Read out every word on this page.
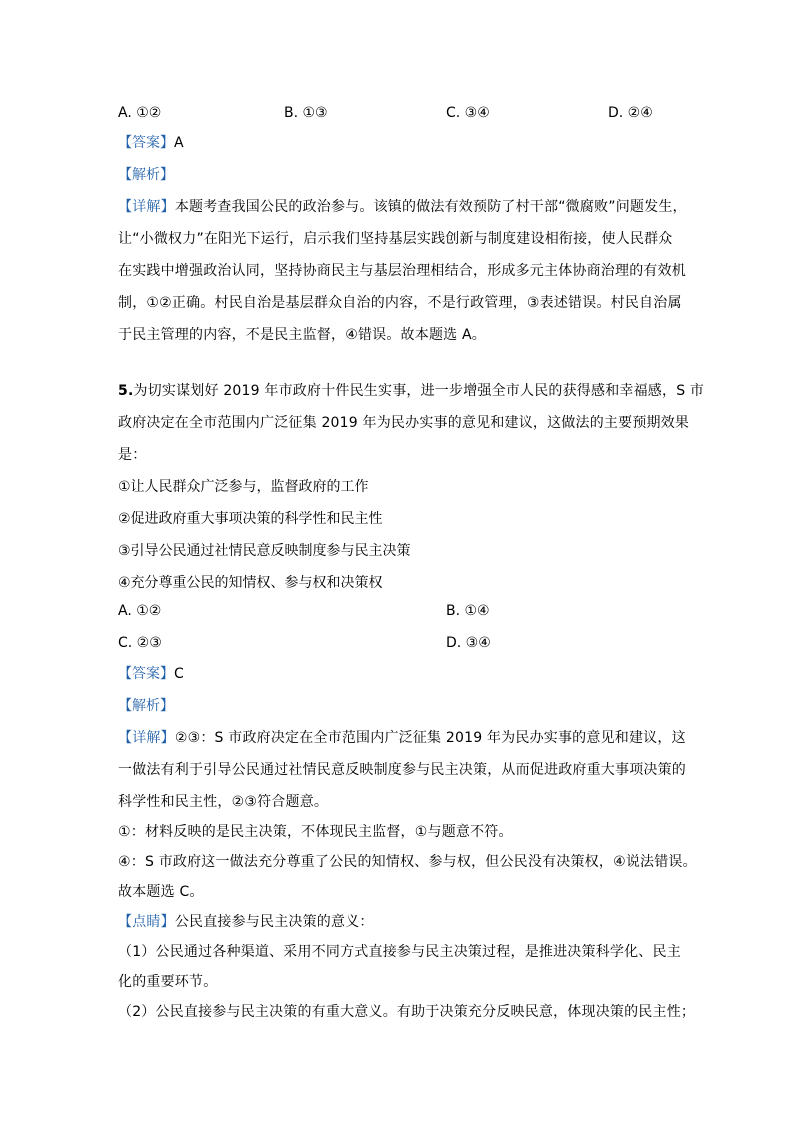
A. ①②	B. ①③	C. ③④	D. ②④
【答案】A
【解析】
【详解】本题考查我国公民的政治参与。该镇的做法有效预防了村干部“微腐败”问题发生，
让“小微权力”在阳光下运行，启示我们坚持基层实践创新与制度建设相衔接，使人民群众
在实践中增强政治认同，坚持协商民主与基层治理相结合，形成多元主体协商治理的有效机
制，①②正确。村民自治是基层群众自治的内容，不是行政管理，③表述错误。村民自治属
于民主管理的内容，不是民主监督，④错误。故本题选 A。
5.为切实谋划好 2019 年市政府十件民生实事，进一步增强全市人民的获得感和幸福感，S 市
政府决定在全市范围内广泛征集 2019 年为民办实事的意见和建议，这做法的主要预期效果
是：
①让人民群众广泛参与，监督政府的工作
②促进政府重大事项决策的科学性和民主性
③引导公民通过社情民意反映制度参与民主决策
④充分尊重公民的知情权、参与权和决策权
A. ①②	B. ①④
C. ②③	D. ③④
【答案】C
【解析】
【详解】②③：S 市政府决定在全市范围内广泛征集 2019 年为民办实事的意见和建议，这
一做法有利于引导公民通过社情民意反映制度参与民主决策，从而促进政府重大事项决策的
科学性和民主性，②③符合题意。
①：材料反映的是民主决策，不体现民主监督，①与题意不符。
④：S 市政府这一做法充分尊重了公民的知情权、参与权，但公民没有决策权，④说法错误。
故本题选 C。
【点睛】公民直接参与民主决策的意义：
（1）公民通过各种渠道、采用不同方式直接参与民主决策过程，是推进决策科学化、民主
化的重要环节。
（2）公民直接参与民主决策的有重大意义。有助于决策充分反映民意，体现决策的民主性；
